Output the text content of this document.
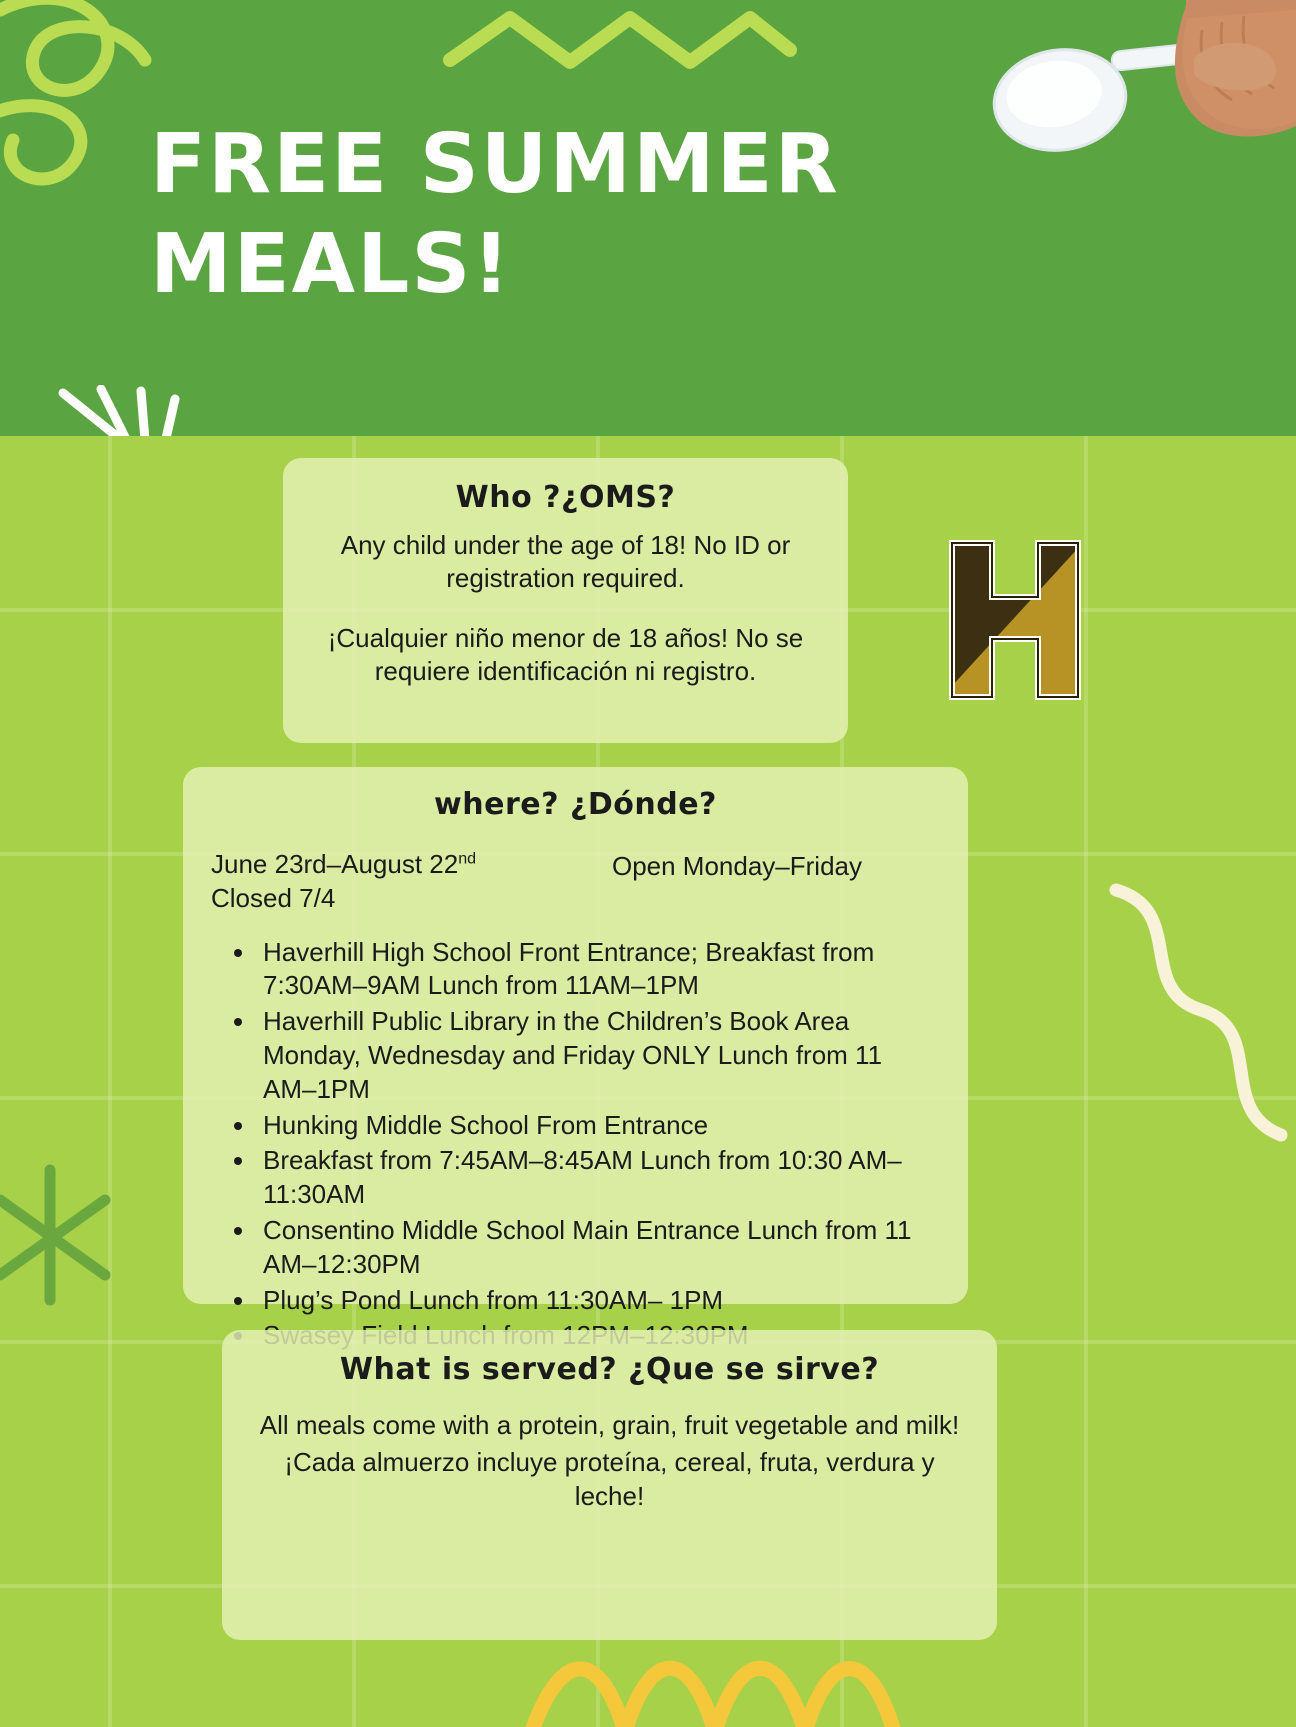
FREE SUMMER MEALS!
Who ?¿OMS?
Any child under the age of 18! No ID or registration required.
¡Cualquier niño menor de 18 años! No se requiere identificación ni registro.
where? ¿Dónde?
June 23rd–August 22nd
Closed 7/4
Open Monday–Friday
• Haverhill High School Front Entrance; Breakfast from 7:30AM–9AM Lunch from 11AM–1PM
• Haverhill Public Library in the Children’s Book Area Monday, Wednesday and Friday ONLY Lunch from 11 AM–1PM
• Hunking Middle School From Entrance
• Breakfast from 7:45AM–8:45AM Lunch from 10:30 AM– 11:30AM
• Consentino Middle School Main Entrance Lunch from 11 AM–12:30PM
• Plug’s Pond Lunch from 11:30AM– 1PM
•
What is served? ¿Que se sirve?
All meals come with a protein, grain, fruit vegetable and milk!
¡Cada almuerzo incluye proteína, cereal, fruta, verdura y leche!
